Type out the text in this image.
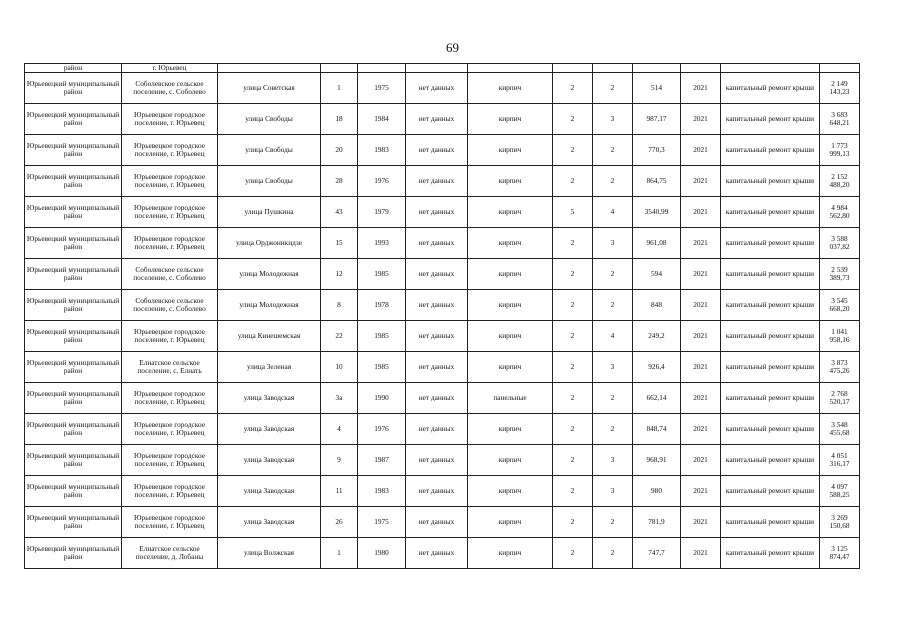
69
район	г. Юрьевец											
Юрьевецкий муниципальный район	Соболевское сельское поселение, с. Соболево	улица Советская	1	1975	нет данных	кирпич	2	2	514	2021	капитальный ремонт крыши	2 149 143,23
Юрьевецкий муниципальный район	Юрьевецкое городское поселение, г. Юрьевец	улица Свободы	18	1984	нет данных	кирпич	2	3	987,17	2021	капитальный ремонт крыши	3 683 648,21
Юрьевецкий муниципальный район	Юрьевецкое городское поселение, г. Юрьевец	улица Свободы	20	1983	нет данных	кирпич	2	2	770,3	2021	капитальный ремонт крыши	1 773 999,13
Юрьевецкий муниципальный район	Юрьевецкое городское поселение, г. Юрьевец	улица Свободы	28	1976	нет данных	кирпич	2	2	864,75	2021	капитальный ремонт крыши	2 152 488,20
Юрьевецкий муниципальный район	Юрьевецкое городское поселение, г. Юрьевец	улица Пушкина	43	1979	нет данных	кирпич	5	4	3540,99	2021	капитальный ремонт крыши	4 984 562,80
Юрьевецкий муниципальный район	Юрьевецкое городское поселение, г. Юрьевец	улица Орджоникидзе	15	1993	нет данных	кирпич	2	3	961,08	2021	капитальный ремонт крыши	3 588 037,82
Юрьевецкий муниципальный район	Соболевское сельское поселение, с. Соболево	улица Молодежная	12	1985	нет данных	кирпич	2	2	594	2021	капитальный ремонт крыши	2 539 389,73
Юрьевецкий муниципальный район	Соболевское сельское поселение, с. Соболево	улица Молодежная	8	1978	нет данных	кирпич	2	2	848	2021	капитальный ремонт крыши	3 545 668,20
Юрьевецкий муниципальный район	Юрьевецкое городское поселение, г. Юрьевец	улица Кинешемская	22	1985	нет данных	кирпич	2	4	249,2	2021	капитальный ремонт крыши	1 041 958,16
Юрьевецкий муниципальный район	Елнатское сельское поселение, с. Елнать	улица Зеленая	10	1985	нет данных	кирпич	2	3	926,4	2021	капитальный ремонт крыши	3 873 475,26
Юрьевецкий муниципальный район	Юрьевецкое городское поселение, г. Юрьевец	улица Заводская	3а	1990	нет данных	панельные	2	2	662,14	2021	капитальный ремонт крыши	2 768 520,17
Юрьевецкий муниципальный район	Юрьевецкое городское поселение, г. Юрьевец	улица Заводская	4	1976	нет данных	кирпич	2	2	848,74	2021	капитальный ремонт крыши	3 548 455,68
Юрьевецкий муниципальный район	Юрьевецкое городское поселение, г. Юрьевец	улица Заводская	9	1987	нет данных	кирпич	2	3	968,91	2021	капитальный ремонт крыши	4 051 316,17
Юрьевецкий муниципальный район	Юрьевецкое городское поселение, г. Юрьевец	улица Заводская	11	1983	нет данных	кирпич	2	3	980	2021	капитальный ремонт крыши	4 097 588,25
Юрьевецкий муниципальный район	Юрьевецкое городское поселение, г. Юрьевец	улица Заводская	26	1975	нет данных	кирпич	2	2	781,9	2021	капитальный ремонт крыши	3 269 150,68
Юрьевецкий муниципальный район	Елнатское сельское поселение, д. Лобаны	улица Волжская	1	1980	нет данных	кирпич	2	2	747,7	2021	капитальный ремонт крыши	3 125 874,47
